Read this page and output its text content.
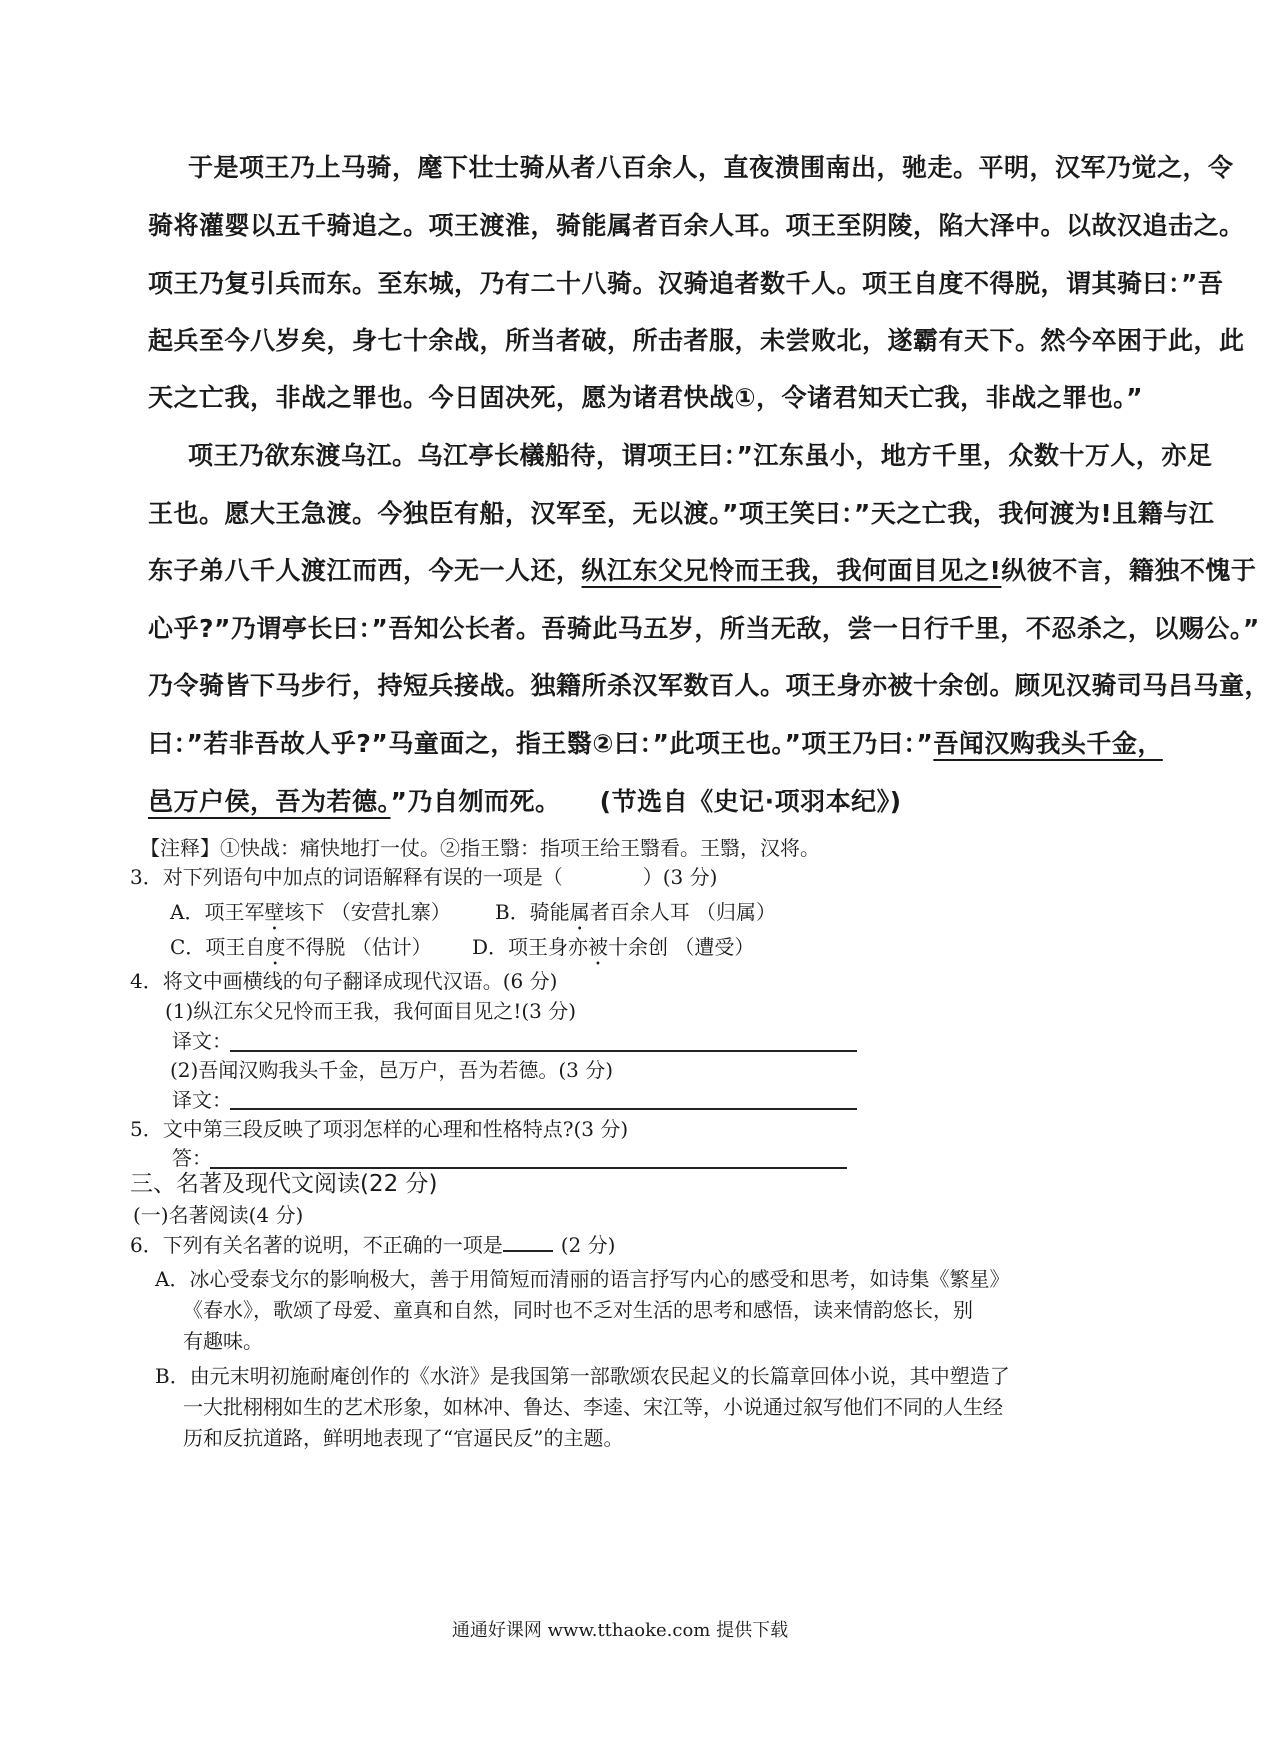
于是项王乃上马骑，麾下壮士骑从者八百余人，直夜溃围南出，驰走。平明，汉军乃觉之，令
骑将灌婴以五千骑追之。项王渡淮，骑能属者百余人耳。项王至阴陵，陷大泽中。以故汉追击之。
项王乃复引兵而东。至东城，乃有二十八骑。汉骑追者数千人。项王自度不得脱，谓其骑曰：”吾
起兵至今八岁矣，身七十余战，所当者破，所击者服，未尝败北，遂霸有天下。然今卒困于此，此
天之亡我，非战之罪也。今日固决死，愿为诸君快战①，令诸君知天亡我，非战之罪也。”
项王乃欲东渡乌江。乌江亭长檥船待，谓项王曰：”江东虽小，地方千里，众数十万人，亦足
王也。愿大王急渡。今独臣有船，汉军至，无以渡。”项王笑曰：”天之亡我，我何渡为!且籍与江
东子弟八千人渡江而西，今无一人还，纵江东父兄怜而王我，我何面目见之!纵彼不言，籍独不愧于
心乎?”乃谓亭长曰：”吾知公长者。吾骑此马五岁，所当无敌，尝一日行千里，不忍杀之，以赐公。”
乃令骑皆下马步行，持短兵接战。独籍所杀汉军数百人。项王身亦被十余创。顾见汉骑司马吕马童，
曰：”若非吾故人乎?”马童面之，指王翳②曰：”此项王也。”项王乃曰：”吾闻汉购我头千金，
邑万户侯，吾为若德。”乃自刎而死。 (节选自《史记·项羽本纪》)
【注释】①快战：痛快地打一仗。②指王翳：指项王给王翳看。王翳，汉将。
3．对下列语句中加点的词语解释有误的一项是（	）(3 分)
A．项王军壁垓下 （安营扎寨） B．骑能属者百余人耳 （归属）
C．项王自度不得脱 （估计） D．项王身亦被十余创 （遭受）
4．将文中画横线的句子翻译成现代汉语。(6 分)
(1)纵江东父兄怜而王我，我何面目见之!(3 分)
译文：
(2)吾闻汉购我头千金，邑万户，吾为若德。(3 分)
译文：
5．文中第三段反映了项羽怎样的心理和性格特点?(3 分)
答：
三、名著及现代文阅读(22 分)
(一)名著阅读(4 分)
6．下列有关名著的说明，不正确的一项是	(2 分)
A．冰心受泰戈尔的影响极大，善于用简短而清丽的语言抒写内心的感受和思考，如诗集《繁星》
《春水》，歌颂了母爱、童真和自然，同时也不乏对生活的思考和感悟，读来情韵悠长，别
有趣味。
B．由元末明初施耐庵创作的《水浒》是我国第一部歌颂农民起义的长篇章回体小说，其中塑造了
一大批栩栩如生的艺术形象，如林冲、鲁达、李逵、宋江等，小说通过叙写他们不同的人生经
历和反抗道路，鲜明地表现了“官逼民反”的主题。
通通好课网 www.tthaoke.com 提供下载
